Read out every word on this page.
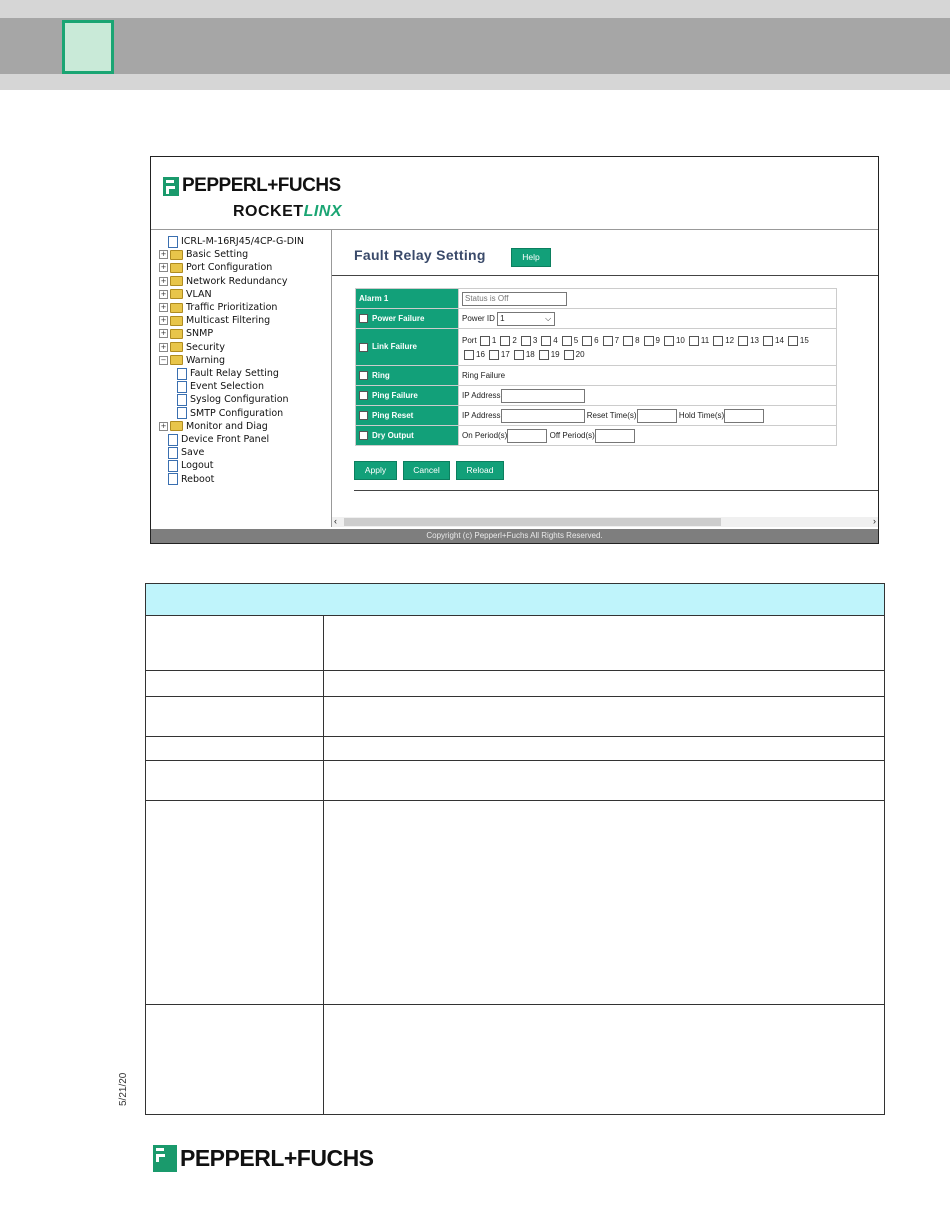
PEPPERL+FUCHS
ROCKETLINX
ICRL-M-16RJ45/4CP-G-DIN
+ Basic Setting
+ Port Configuration
+ Network Redundancy
+ VLAN
+ Traffic Prioritization
+ Multicast Filtering
+ SNMP
+ Security
− Warning
Fault Relay Setting
Event Selection
Syslog Configuration
SMTP Configuration
+ Monitor and Diag
Device Front Panel
Save
Logout
Reboot
Fault Relay Setting	Help
Alarm 1	Status is Off
Power Failure	Power ID 1 ⌵

Link Failure	Port 1 2 3 4 5 6 7 8 9 10 11 12 13 14 15
16 17 18 19 20
Ring	Ring Failure
Ping Failure	IP Address
Ping Reset	IP Address Reset Time(s) Hold Time(s)
Dry Output	On Period(s) Off Period(s)
Apply	Cancel	Reload
‹	›
Copyright (c) Pepperl+Fuchs All Rights Reserved.
5/21/20
PEPPERL+FUCHS
